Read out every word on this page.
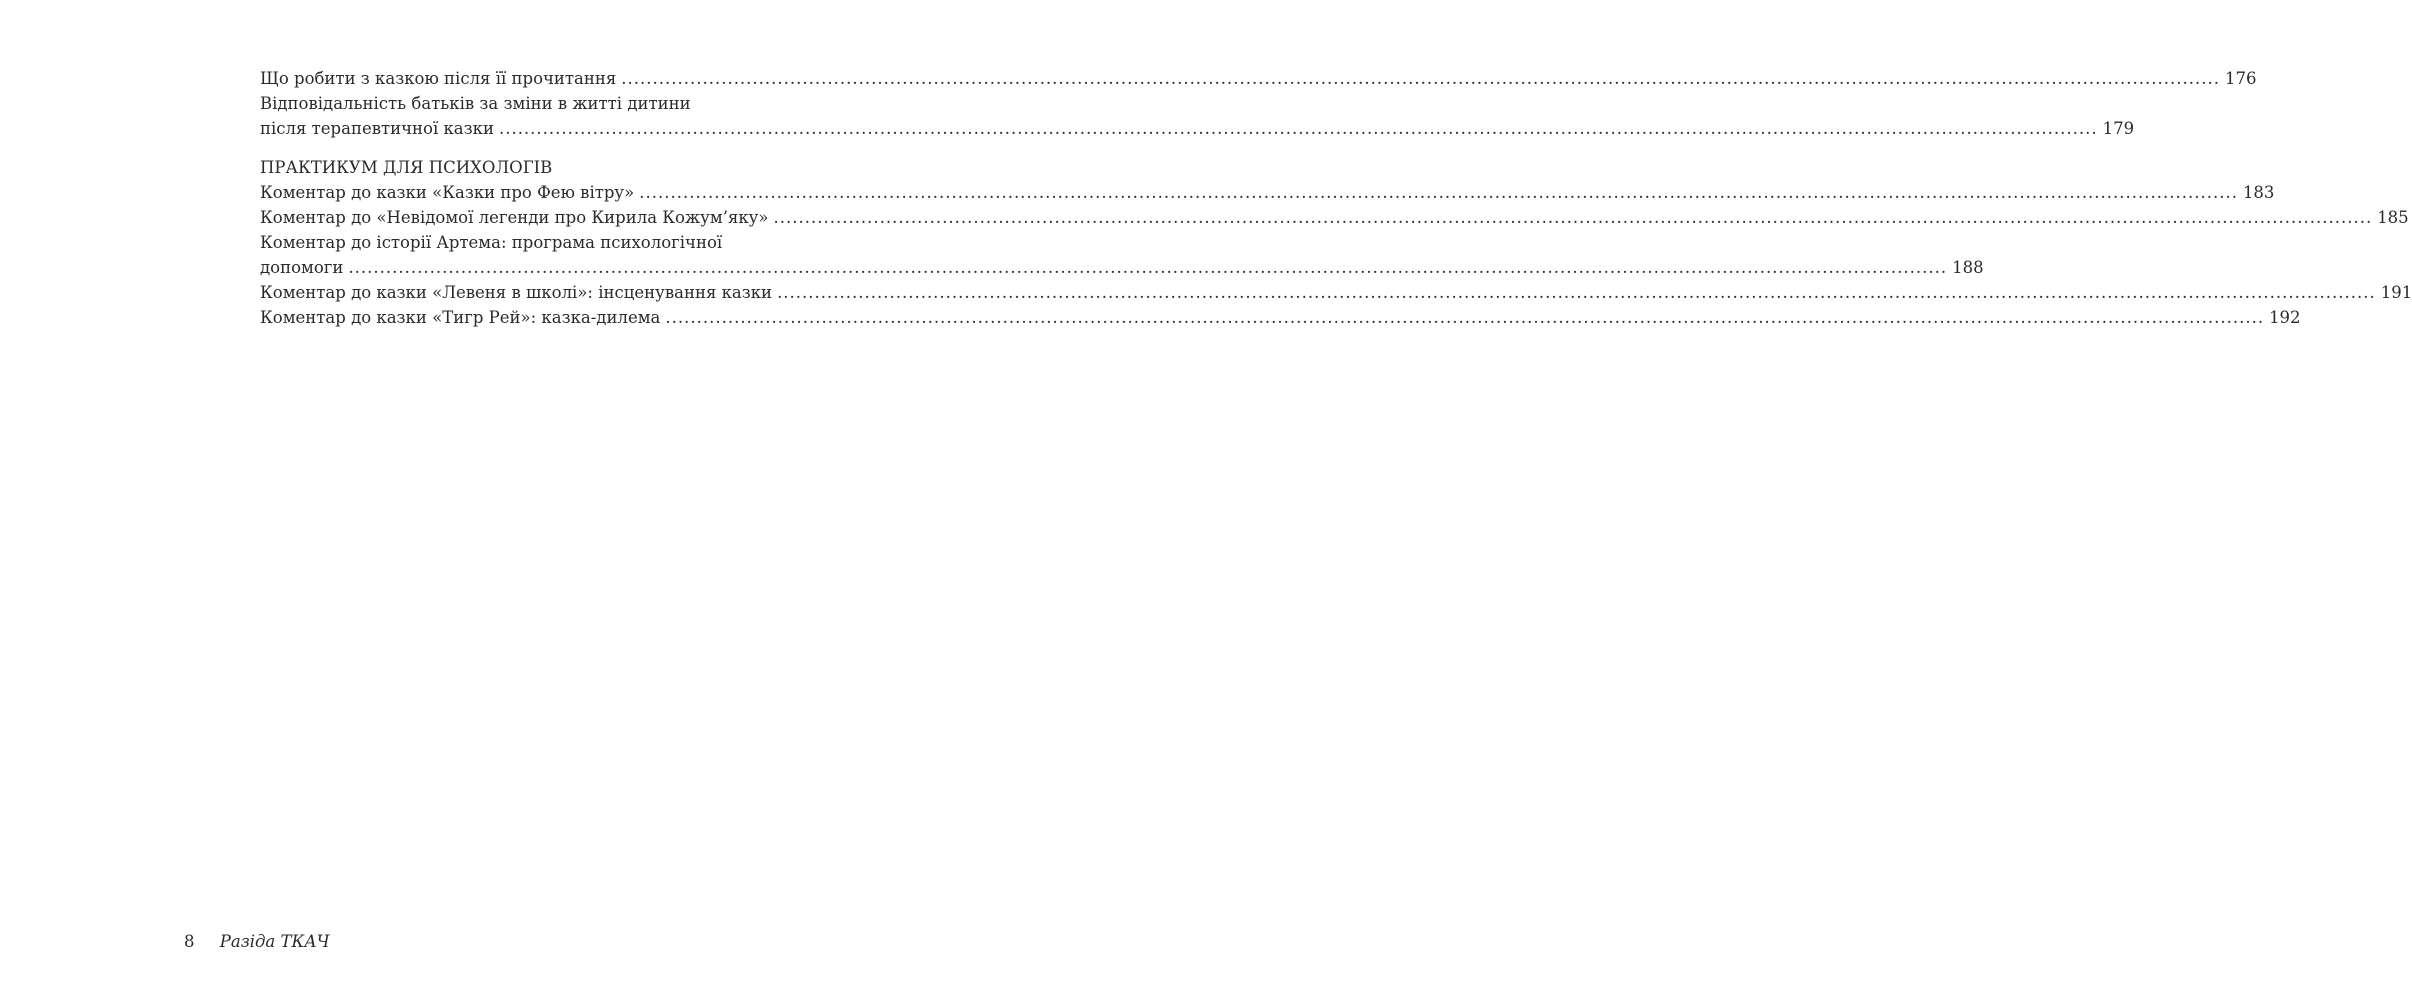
Що робити з казкою після її прочитання .....	176
Відповідальність батьків за зміни в житті дитини
після терапевтичної казки .....	179
ПРАКТИКУМ ДЛЯ ПСИХОЛОГІВ
Коментар до казки «Казки про Фею вітру» .....	183
Коментар до «Невідомої легенди про Кирила Кожум’яку» .....	185
Коментар до історії Артема: програма психологічної
допомоги .....	188
Коментар до казки «Левеня в школі»: інсценування казки .....	191
Коментар до казки «Тигр Рей»: казка-дилема .....	192
8 Разіда ТКАЧ
